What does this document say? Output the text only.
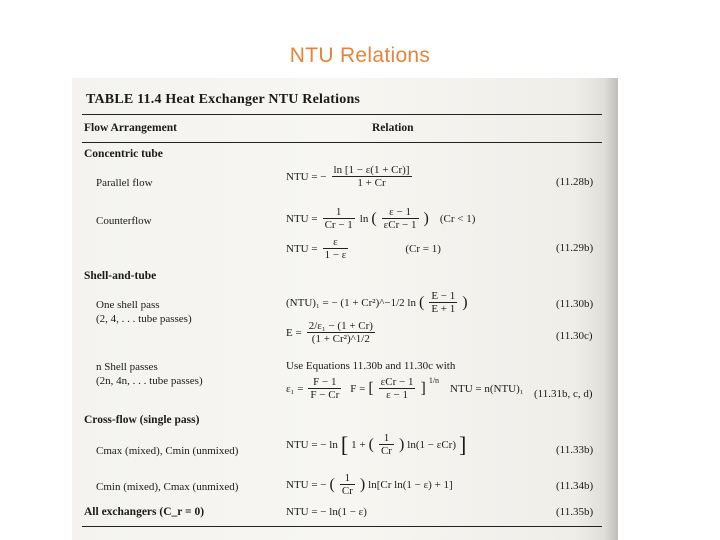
NTU Relations
TABLE 11.4 Heat Exchanger NTU Relations
Flow Arrangement	Relation
Concentric tube
Parallel flow
NTU = − $\frac{\ln [1 - \varepsilon(1 + Cr)]}{1 + Cr}$	(11.28b)
Counterflow	NTU = $\frac{1}{Cr - 1}$ ln ( $\frac{\varepsilon - 1}{\text{εCr − 1}}$ ) (Cr < 1)
NTU = $\frac{\varepsilon}{1 - \varepsilon}$	(Cr = 1)	(11.29b)
Shell-and-tube
One shell pass
(2, 4, . . . tube passes)
(NTU)₁ = − (1 + Cr²)^−1/2 ln ( $\frac{E - 1}{E + 1}$ )	(11.30b)
$E = \frac{\text{2/ε₁ − (1 + Cr)}}{\text{(1 + Cr²)\textasciicircum{}1/2}}$	(11.30c)
n Shell passes
(2n, 4n, . . . tube passes)
Use Equations 11.30b and 11.30c with
$\varepsilon_1 = \frac{F - 1}{F - Cr}$ F = [ $\frac{\text{εCr − 1}}{\varepsilon - 1}$ ] $^{1/n}$
NTU = n(NTU)₁ (11.31b, c, d)
Cross-flow (single pass)
Cmax (mixed), Cmin (unmixed)
NTU = − ln [ 1 + ( $\frac{1}{Cr}$ ) ln(1 − εCr) ]	(11.33b)
Cmin (mixed), Cmax (unmixed)	NTU = − ( $\frac{1}{Cr}$ ) ln[Cr ln(1 − ε) + 1]	(11.34b)
All exchangers (C_r = 0)	NTU = − ln(1 − ε)	(11.35b)
